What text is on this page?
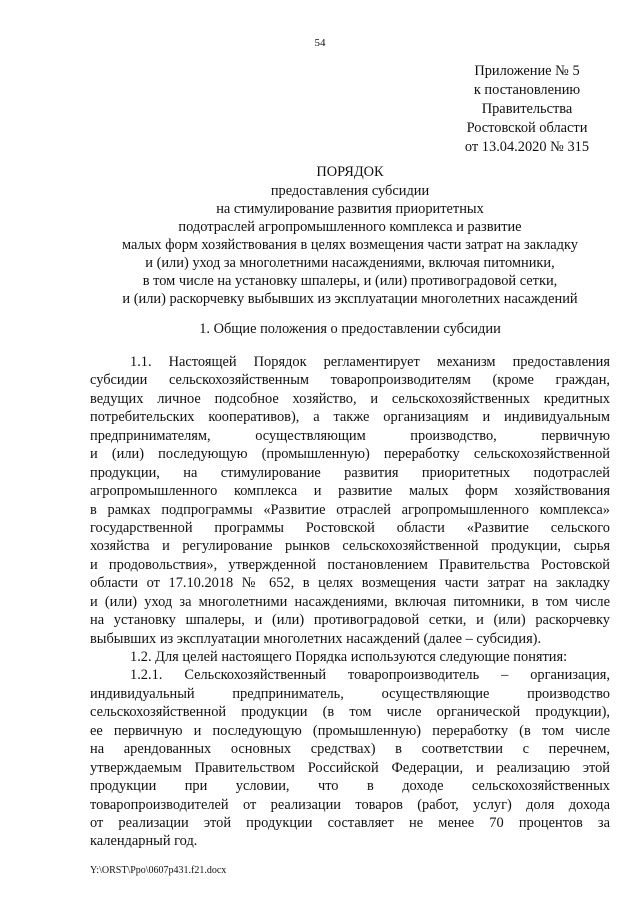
54
Приложение № 5
к постановлению
Правительства
Ростовской области
от 13.04.2020 № 315

ПОРЯДОК

предоставления субсидии

на стимулирование развития приоритетных

подотраслей агропромышленного комплекса и развитие

малых форм хозяйствования в целях возмещения части затрат на закладку

и (или) уход за многолетними насаждениями, включая питомники,

в том числе на установку шпалеры, и (или) противоградовой сетки,

и (или) раскорчевку выбывших из эксплуатации многолетних насаждений

1. Общие положения о предоставлении субсидии

1.1. Настоящей Порядок регламентирует механизм предоставления

субсидии сельскохозяйственным товаропроизводителям (кроме граждан,

ведущих личное подсобное хозяйство, и сельскохозяйственных кредитных

потребительских кооперативов), а также организациям и индивидуальным

предпринимателям, осуществляющим производство, первичную

и (или) последующую (промышленную) переработку сельскохозяйственной

продукции, на стимулирование развития приоритетных подотраслей

агропромышленного комплекса и развитие малых форм хозяйствования

в рамках подпрограммы «Развитие отраслей агропромышленного комплекса»

государственной программы Ростовской области «Развитие сельского

хозяйства и регулирование рынков сельскохозяйственной продукции, сырья

и продовольствия», утвержденной постановлением Правительства Ростовской

области от 17.10.2018 № 652, в целях возмещения части затрат на закладку

и (или) уход за многолетними насаждениями, включая питомники, в том числе

на установку шпалеры, и (или) противоградовой сетки, и (или) раскорчевку

выбывших из эксплуатации многолетних насаждений (далее – субсидия).

1.2. Для целей настоящего Порядка используются следующие понятия:

1.2.1. Сельскохозяйственный товаропроизводитель – организация,

индивидуальный предприниматель, осуществляющие производство

сельскохозяйственной продукции (в том числе органической продукции),

ее первичную и последующую (промышленную) переработку (в том числе

на арендованных основных средствах) в соответствии с перечнем,

утверждаемым Правительством Российской Федерации, и реализацию этой

продукции при условии, что в доходе сельскохозяйственных

товаропроизводителей от реализации товаров (работ, услуг) доля дохода

от реализации этой продукции составляет не менее 70 процентов за

календарный год.

Y:\ORST\Ppo\0607p431.f21.docx
